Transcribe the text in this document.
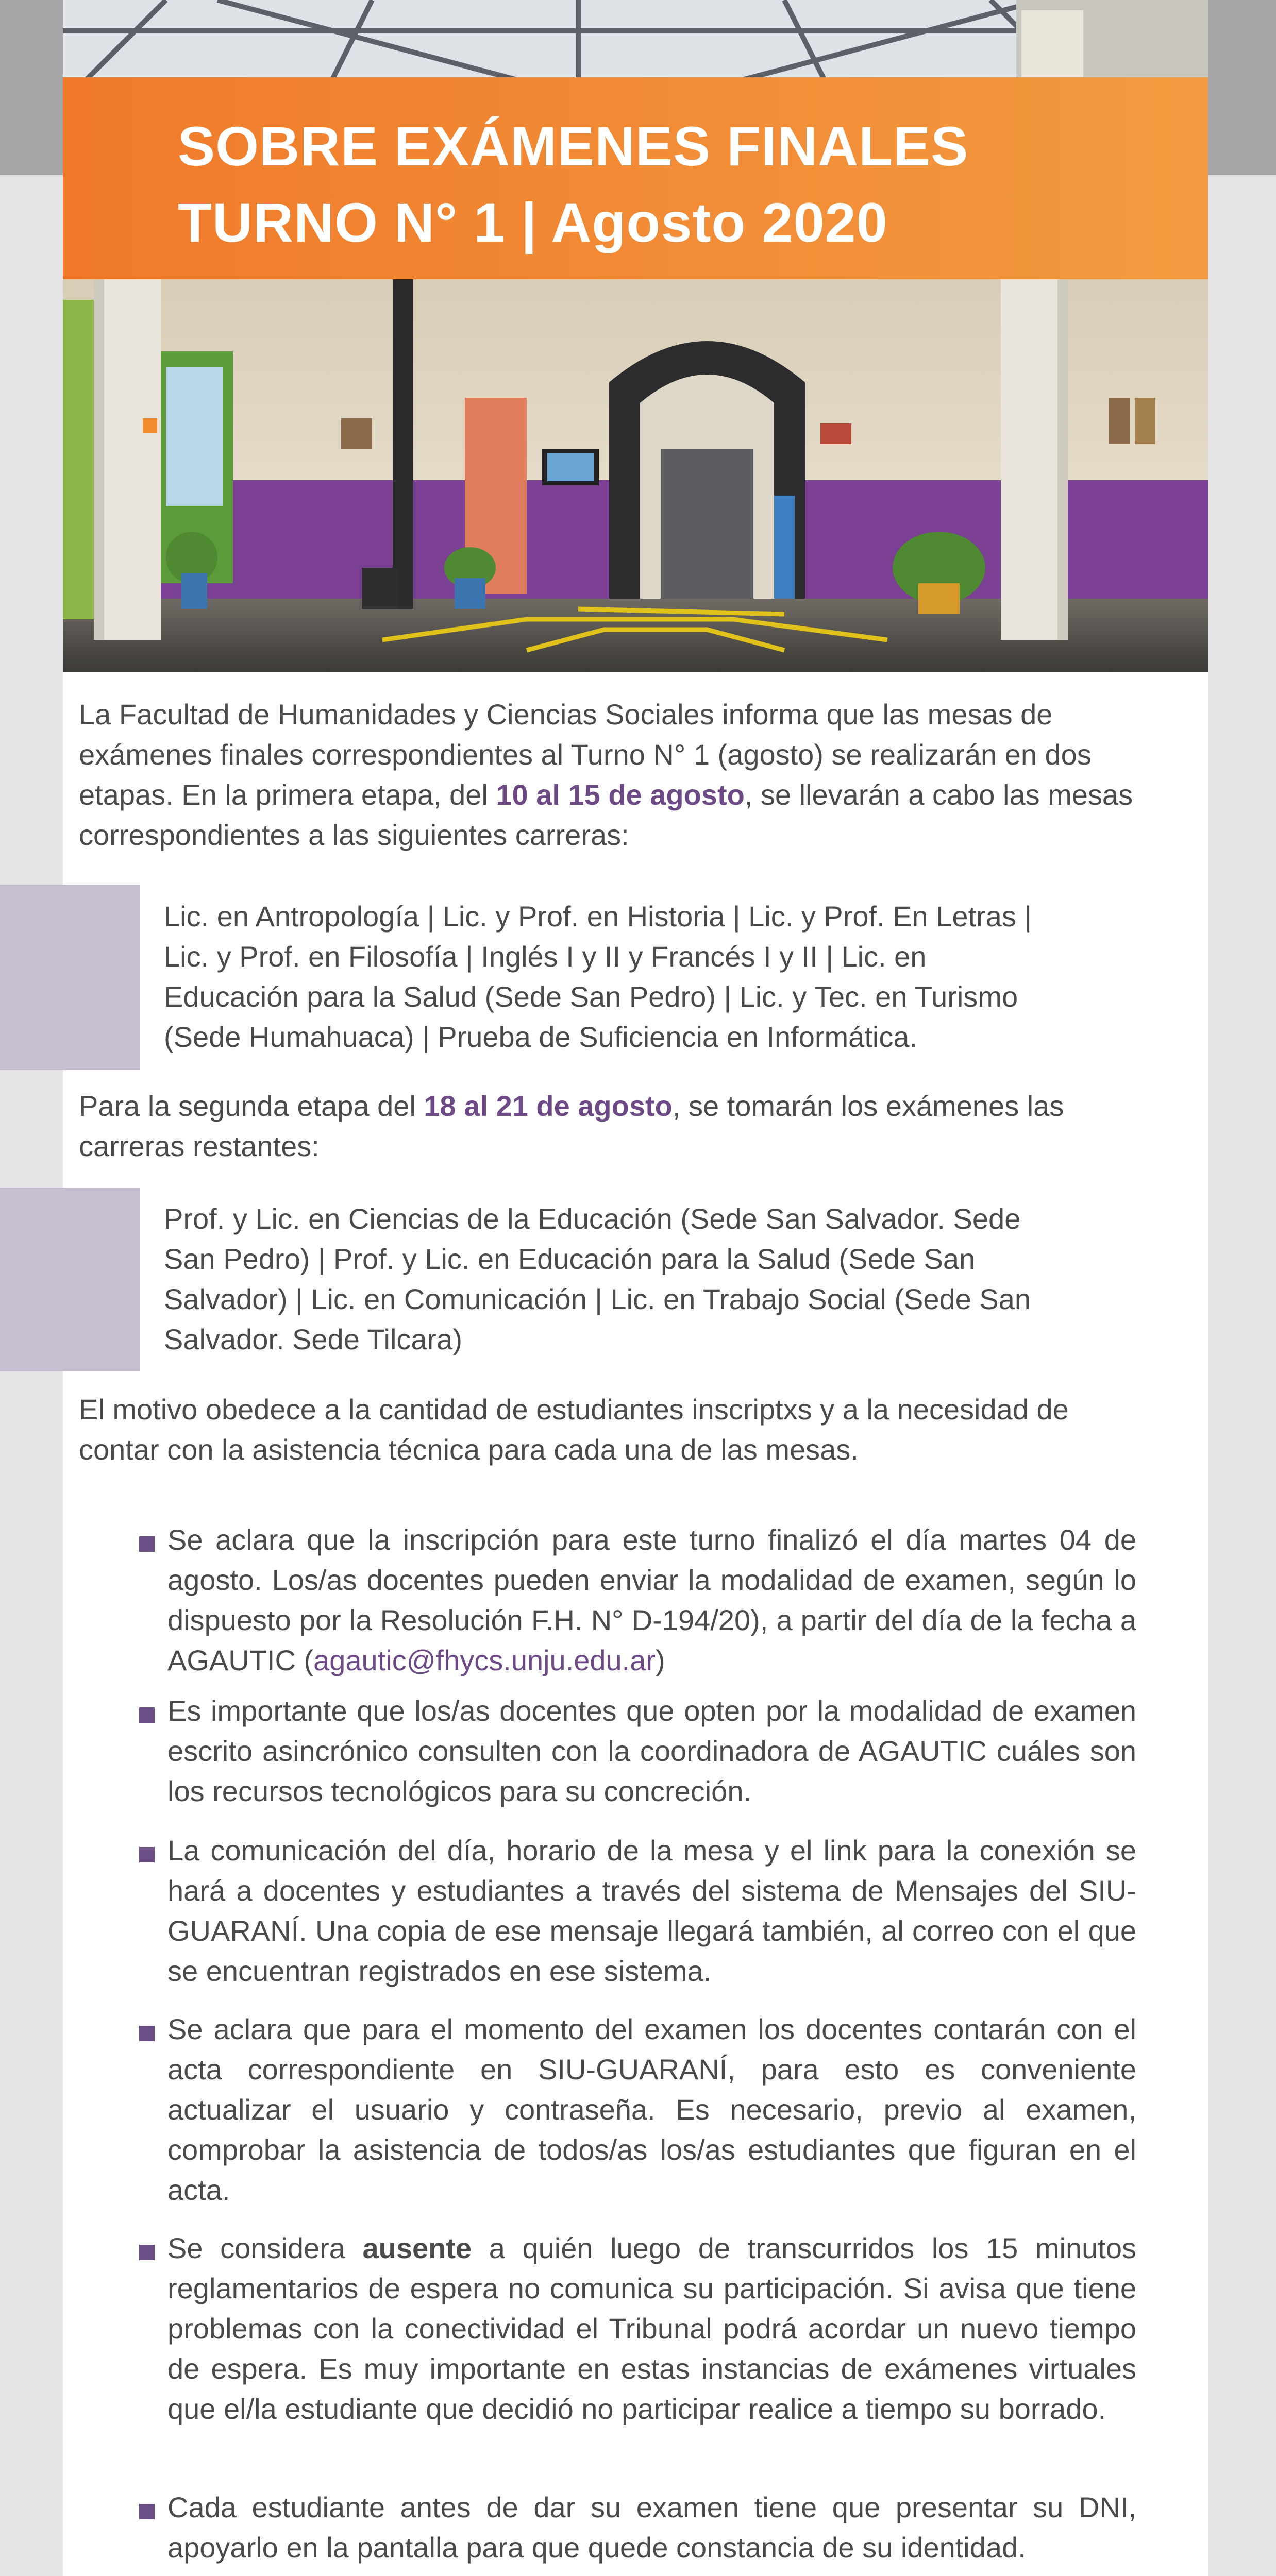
SOBRE EXÁMENES FINALES
TURNO N° 1 | Agosto 2020
La Facultad de Humanidades y Ciencias Sociales informa que las mesas de exámenes finales correspondientes al Turno N° 1 (agosto) se realizarán en dos etapas. En la primera etapa, del 10 al 15 de agosto, se llevarán a cabo las mesas correspondientes a las siguientes carreras:
Lic. en Antropología | Lic. y Prof. en Historia | Lic. y Prof. En Letras |
Lic. y Prof. en Filosofía | Inglés I y II y Francés I y II | Lic. en
Educación para la Salud (Sede San Pedro) | Lic. y Tec. en Turismo
(Sede Humahuaca) | Prueba de Suficiencia en Informática.
Para la segunda etapa del 18 al 21 de agosto, se tomarán los exámenes las carreras restantes:
Prof. y Lic. en Ciencias de la Educación (Sede San Salvador. Sede
San Pedro) | Prof. y Lic. en Educación para la Salud (Sede San
Salvador) | Lic. en Comunicación | Lic. en Trabajo Social (Sede San
Salvador. Sede Tilcara)
El motivo obedece a la cantidad de estudiantes inscriptxs y a la necesidad de contar con la asistencia técnica para cada una de las mesas.
Se aclara que la inscripción para este turno finalizó el día martes 04 de agosto. Los/as docentes pueden enviar la modalidad de examen, según lo dispuesto por la Resolución F.H. N° D-194/20), a partir del día de la fecha a AGAUTIC (agautic@fhycs.unju.edu.ar)
Es importante que los/as docentes que opten por la modalidad de examen escrito asincrónico consulten con la coordinadora de AGAUTIC cuáles son los recursos tecnológicos para su concreción.
La comunicación del día, horario de la mesa y el link para la conexión se hará a docentes y estudiantes a través del sistema de Mensajes del SIU-GUARANÍ. Una copia de ese mensaje llegará también, al correo con el que se encuentran registrados en ese sistema.
Se aclara que para el momento del examen los docentes contarán con el acta correspondiente en SIU-GUARANÍ, para esto es conveniente actualizar el usuario y contraseña. Es necesario, previo al examen, comprobar la asistencia de todos/as los/as estudiantes que figuran en el acta.
Se considera ausente a quién luego de transcurridos los 15 minutos reglamentarios de espera no comunica su participación. Si avisa que tiene problemas con la conectividad el Tribunal podrá acordar un nuevo tiempo de espera. Es muy importante en estas instancias de exámenes virtuales que el/la estudiante que decidió no participar realice a tiempo su borrado.
Cada estudiante antes de dar su examen tiene que presentar su DNI, apoyarlo en la pantalla para que quede constancia de su identidad.
